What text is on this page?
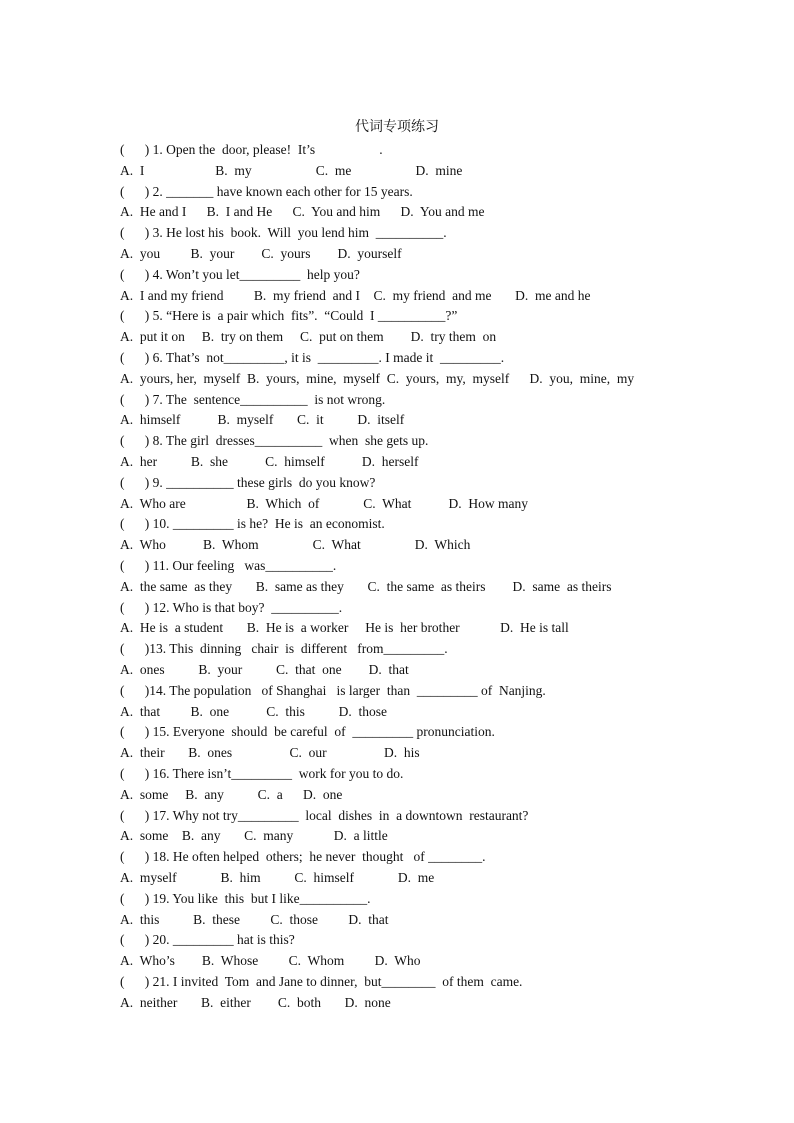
代词专项练习
(      ) 1. Open the  door, please!  It’s                   .
A.  I                     B.  my                   C.  me                   D.  mine
(      ) 2. _______ have known each other for 15 years.
A.  He and I      B.  I and He      C.  You and him      D.  You and me
(      ) 3. He lost his  book.  Will  you lend him  __________.
A.  you         B.  your        C.  yours        D.  yourself
(      ) 4. Won’t you let_________  help you?
A.  I and my friend         B.  my friend  and I    C.  my friend  and me       D.  me and he
(      ) 5. “Here is  a pair which  fits”.  “Could  I __________?”
A.  put it on     B.  try on them     C.  put on them        D.  try them  on
(      ) 6. That’s  not_________, it is  _________. I made it  _________.
A.  yours, her,  myself  B.  yours,  mine,  myself  C.  yours,  my,  myself      D.  you,  mine,  my
(      ) 7. The  sentence__________  is not wrong.
A.  himself           B.  myself       C.  it          D.  itself
(      ) 8. The girl  dresses__________  when  she gets up.
A.  her          B.  she           C.  himself           D.  herself
(      ) 9. __________ these girls  do you know?
A.  Who are                  B.  Which  of             C.  What           D.  How many
(      ) 10. _________ is he?  He is  an economist.
A.  Who           B.  Whom                C.  What                D.  Which
(      ) 11. Our feeling   was__________.
A.  the same  as they       B.  same as they       C.  the same  as theirs        D.  same  as theirs
(      ) 12. Who is that boy?  __________.
A.  He is  a student       B.  He is  a worker     He is  her brother            D.  He is tall
(      )13. This  dinning   chair  is  different   from_________.
A.  ones          B.  your          C.  that  one        D.  that
(      )14. The population   of Shanghai   is larger  than  _________ of  Nanjing.
A.  that         B.  one           C.  this          D.  those
(      ) 15. Everyone  should  be careful  of  _________ pronunciation.
A.  their       B.  ones                 C.  our                 D.  his
(      ) 16. There isn’t_________  work for you to do.
A.  some     B.  any          C.  a      D.  one
(      ) 17. Why not try_________  local  dishes  in  a downtown  restaurant?
A.  some    B.  any       C.  many            D.  a little
(      ) 18. He often helped  others;  he never  thought   of ________.
A.  myself             B.  him          C.  himself             D.  me
(      ) 19. You like  this  but I like__________.
A.  this          B.  these         C.  those         D.  that
(      ) 20. _________ hat is this?
A.  Who’s        B.  Whose         C.  Whom         D.  Who
(      ) 21. I invited  Tom  and Jane to dinner,  but________  of them  came.
A.  neither       B.  either        C.  both       D.  none
